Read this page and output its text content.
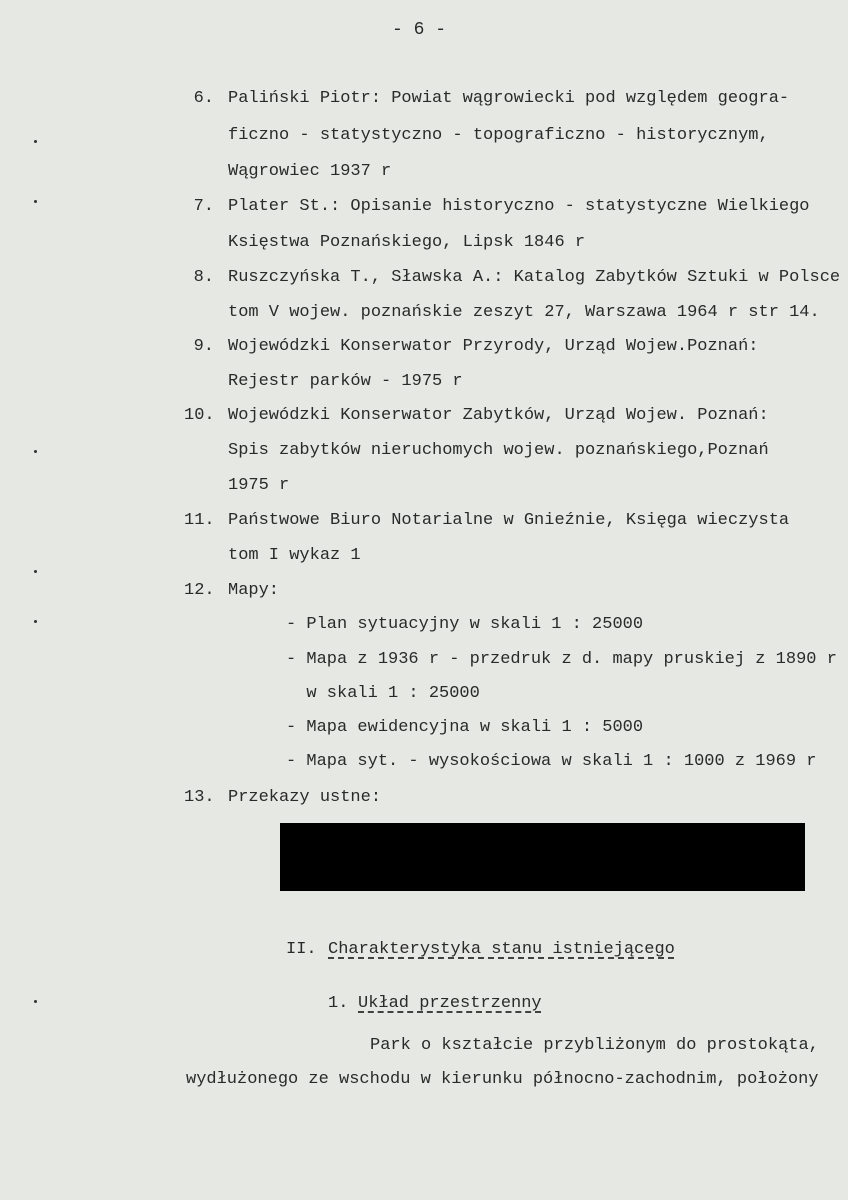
- 6 -
6. Paliński Piotr: Powiat wągrowiecki pod względem geogra-
ficzno - statystyczno - topograficzno - historycznym,
Wągrowiec 1937 r
7. Plater St.: Opisanie historyczno - statystyczne Wielkiego
Księstwa Poznańskiego, Lipsk 1846 r
8. Ruszczyńska T., Sławska A.: Katalog Zabytków Sztuki w Polsce
tom V wojew. poznańskie zeszyt 27, Warszawa 1964 r str 14.
9. Wojewódzki Konserwator Przyrody, Urząd Wojew.Poznań:
Rejestr parków - 1975 r
10. Wojewódzki Konserwator Zabytków, Urząd Wojew. Poznań:
Spis zabytków nieruchomych wojew. poznańskiego,Poznań
1975 r
11. Państwowe Biuro Notarialne w Gnieźnie, Księga wieczysta
tom I wykaz 1
12. Mapy:
- Plan sytuacyjny w skali 1 : 25000
- Mapa z 1936 r - przedruk z d. mapy pruskiej z 1890 r
w skali 1 : 25000
- Mapa ewidencyjna w skali 1 : 5000
- Mapa syt. - wysokościowa w skali 1 : 1000 z 1969 r
13. Przekazy ustne:
II. Charakterystyka stanu istniejącego
1. Układ przestrzenny
Park o kształcie przybliżonym do prostokąta,
wydłużonego ze wschodu w kierunku północno-zachodnim, położony
